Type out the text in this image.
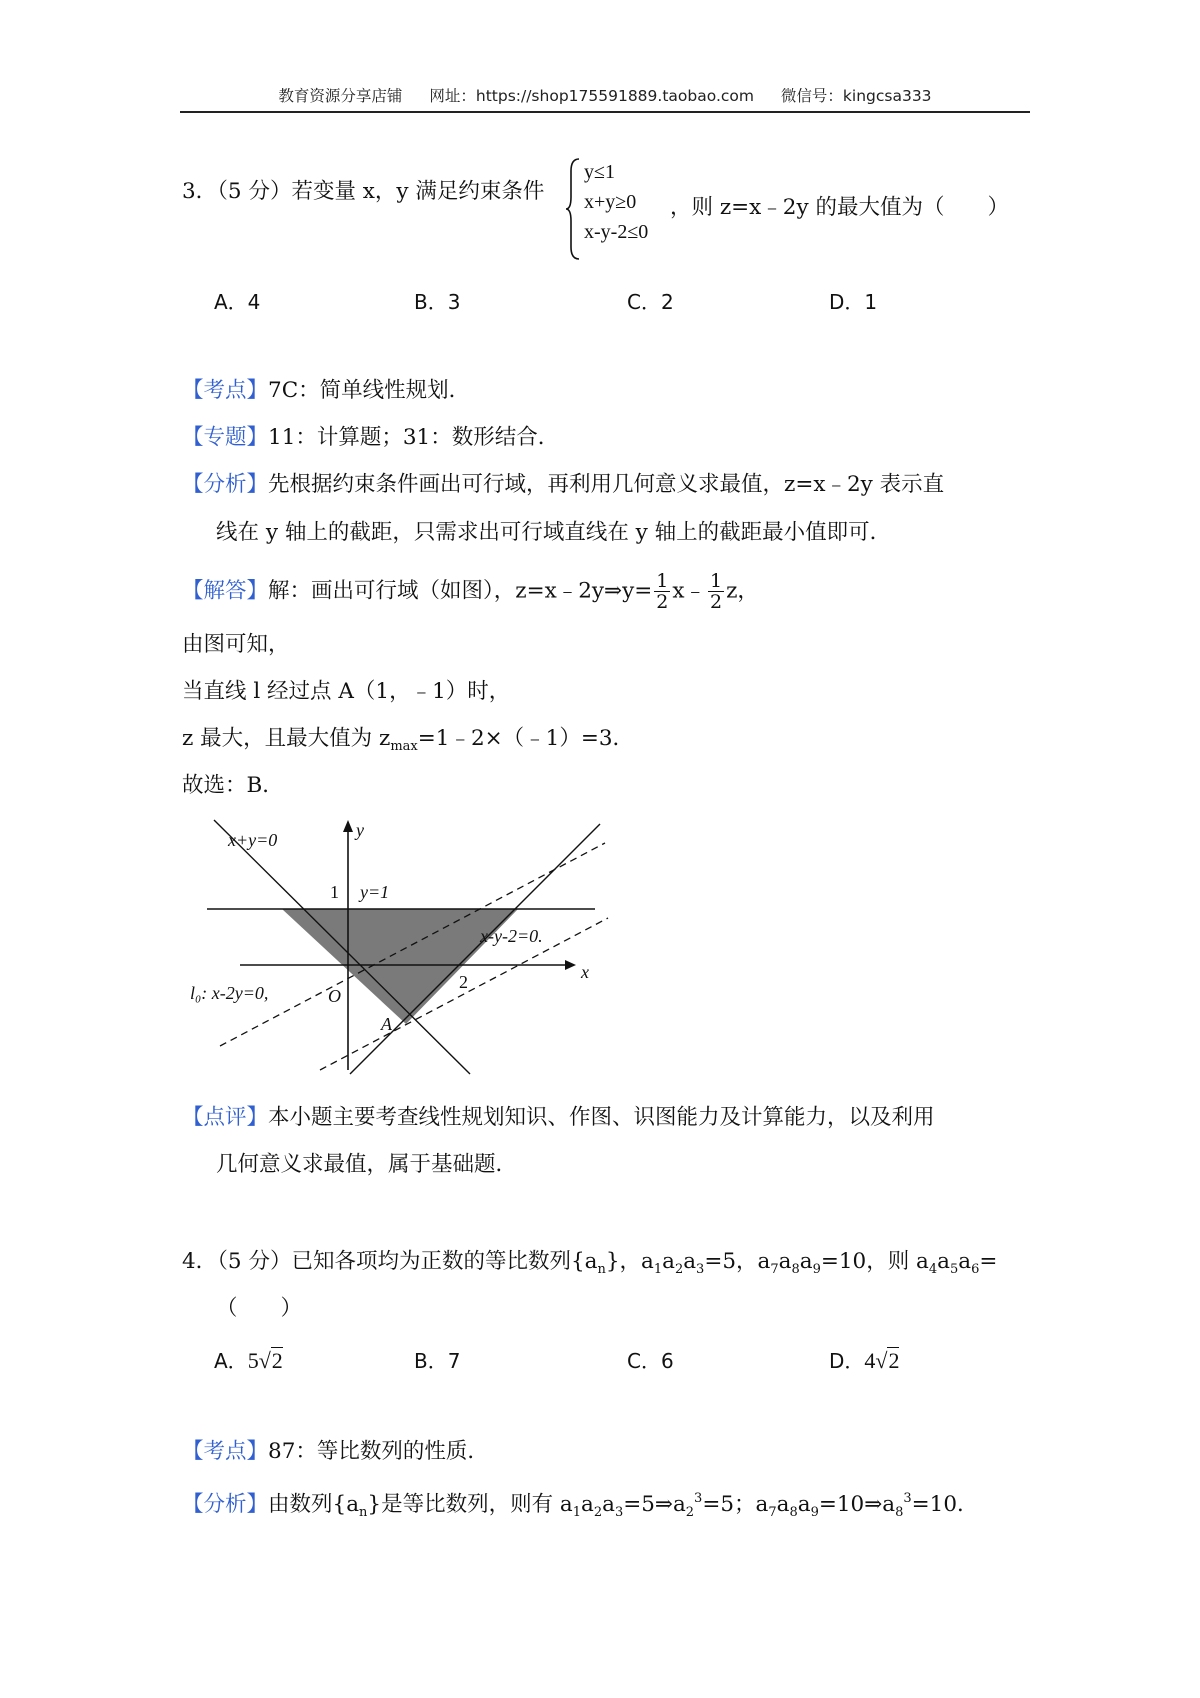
教育资源分享店铺 网址：https://shop175591889.taobao.com 微信号：kingcsa333
3．（5 分）若变量 x，y 满足约束条件
y≤1
x+y≥0
x-y-2≤0
，则 z=x﹣2y 的最大值为（　　）
A．4	B．3	C．2	D．1
【考点】7C：简单线性规划．
【专题】11：计算题；31：数形结合．
【分析】先根据约束条件画出可行域，再利用几何意义求最值，z=x﹣2y 表示直
线在 y 轴上的截距，只需求出可行域直线在 y 轴上的截距最小值即可．
【解答】解：画出可行域（如图），z=x﹣2y⇒y= $\frac{1}{2}$ x﹣ $\frac{1}{2}$ z，
由图可知，
当直线 l 经过点 A（1，﹣1）时，
z 最大，且最大值为 $z_{max}=1﹣2\times(﹣1)=3$．
故选：B．
x+y=0
1 y=1
x-y-2=0.
x
y
l₀: x-2y=0,	O
2
A
【点评】本小题主要考查线性规划知识、作图、识图能力及计算能力，以及利用
几何意义求最值，属于基础题．
4．（5 分）已知各项均为正数的等比数列$\{a_n\}$，$a_1a_2a_3=5$，$a_7a_8a_9=10$，则 $a_4a_5a_6=$
（　　）
A．5√2	B．7	C．6	D．4√2
【考点】87：等比数列的性质．
【分析】由数列$\{a_n\}$是等比数列，则有 $a_1a_2a_3=5\Rightarrow a_2^3=5$；$a_7a_8a_9=10\Rightarrow a_8^3=10$．
